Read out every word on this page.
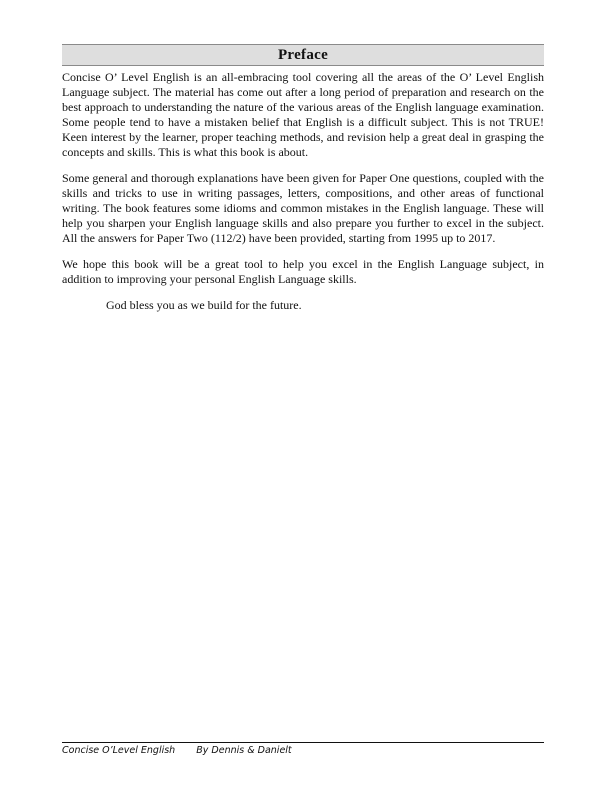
Preface

Concise O’ Level English is an all-embracing tool covering all the areas of the O’ Level English Language subject. The material has come out after a long period of preparation and research on the best approach to understanding the nature of the various areas of the English language examination. Some people tend to have a mistaken belief that English is a difficult subject. This is not TRUE! Keen interest by the learner, proper teaching methods, and revision help a great deal in grasping the concepts and skills. This is what this book is about.

Some general and thorough explanations have been given for Paper One questions, coupled with the skills and tricks to use in writing passages, letters, compositions, and other areas of functional writing. The book features some idioms and common mistakes in the English language. These will help you sharpen your English language skills and also prepare you further to excel in the subject. All the answers for Paper Two (112/2) have been provided, starting from 1995 up to 2017.

We hope this book will be a great tool to help you excel in the English Language subject, in addition to improving your personal English Language skills.

God bless you as we build for the future.

Concise O’Level English By Dennis & Danielt
